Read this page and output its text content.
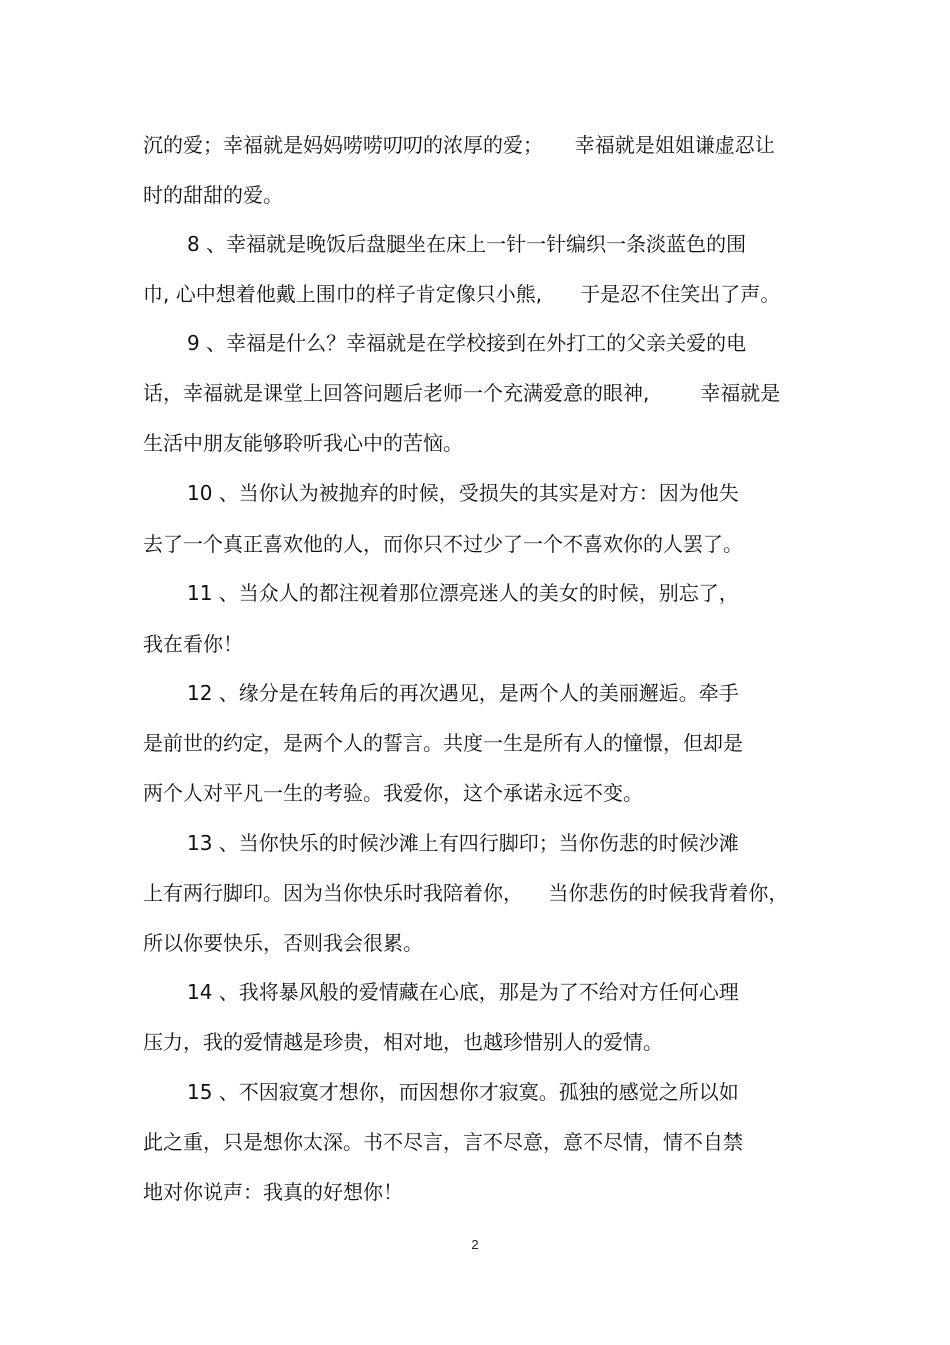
沉的爱；幸福就是妈妈唠唠叨叨的浓厚的爱；     幸福就是姐姐谦虚忍让
时的甜甜的爱。
8 、幸福就是晚饭后盘腿坐在床上一针一针编织一条淡蓝色的围
巾, 心中想着他戴上围巾的样子肯定像只小熊,      于是忍不住笑出了声。
9 、幸福是什么？幸福就是在学校接到在外打工的父亲关爱的电
话，幸福就是课堂上回答问题后老师一个充满爱意的眼神,        幸福就是
生活中朋友能够聆听我心中的苦恼。
10 、当你认为被抛弃的时候，受损失的其实是对方：因为他失
去了一个真正喜欢他的人，而你只不过少了一个不喜欢你的人罢了。
11 、当众人的都注视着那位漂亮迷人的美女的时候，别忘了，
我在看你！
12 、缘分是在转角后的再次遇见，是两个人的美丽邂逅。牵手
是前世的约定，是两个人的誓言。共度一生是所有人的憧憬，但却是
两个人对平凡一生的考验。我爱你，这个承诺永远不变。
13 、当你快乐的时候沙滩上有四行脚印；当你伤悲的时候沙滩
上有两行脚印。因为当你快乐时我陪着你，    当你悲伤的时候我背着你，
所以你要快乐，否则我会很累。
14 、我将暴风般的爱情藏在心底，那是为了不给对方任何心理
压力，我的爱情越是珍贵，相对地，也越珍惜别人的爱情。
15 、不因寂寞才想你，而因想你才寂寞。孤独的感觉之所以如
此之重，只是想你太深。书不尽言，言不尽意，意不尽情，情不自禁
地对你说声：我真的好想你！
2
